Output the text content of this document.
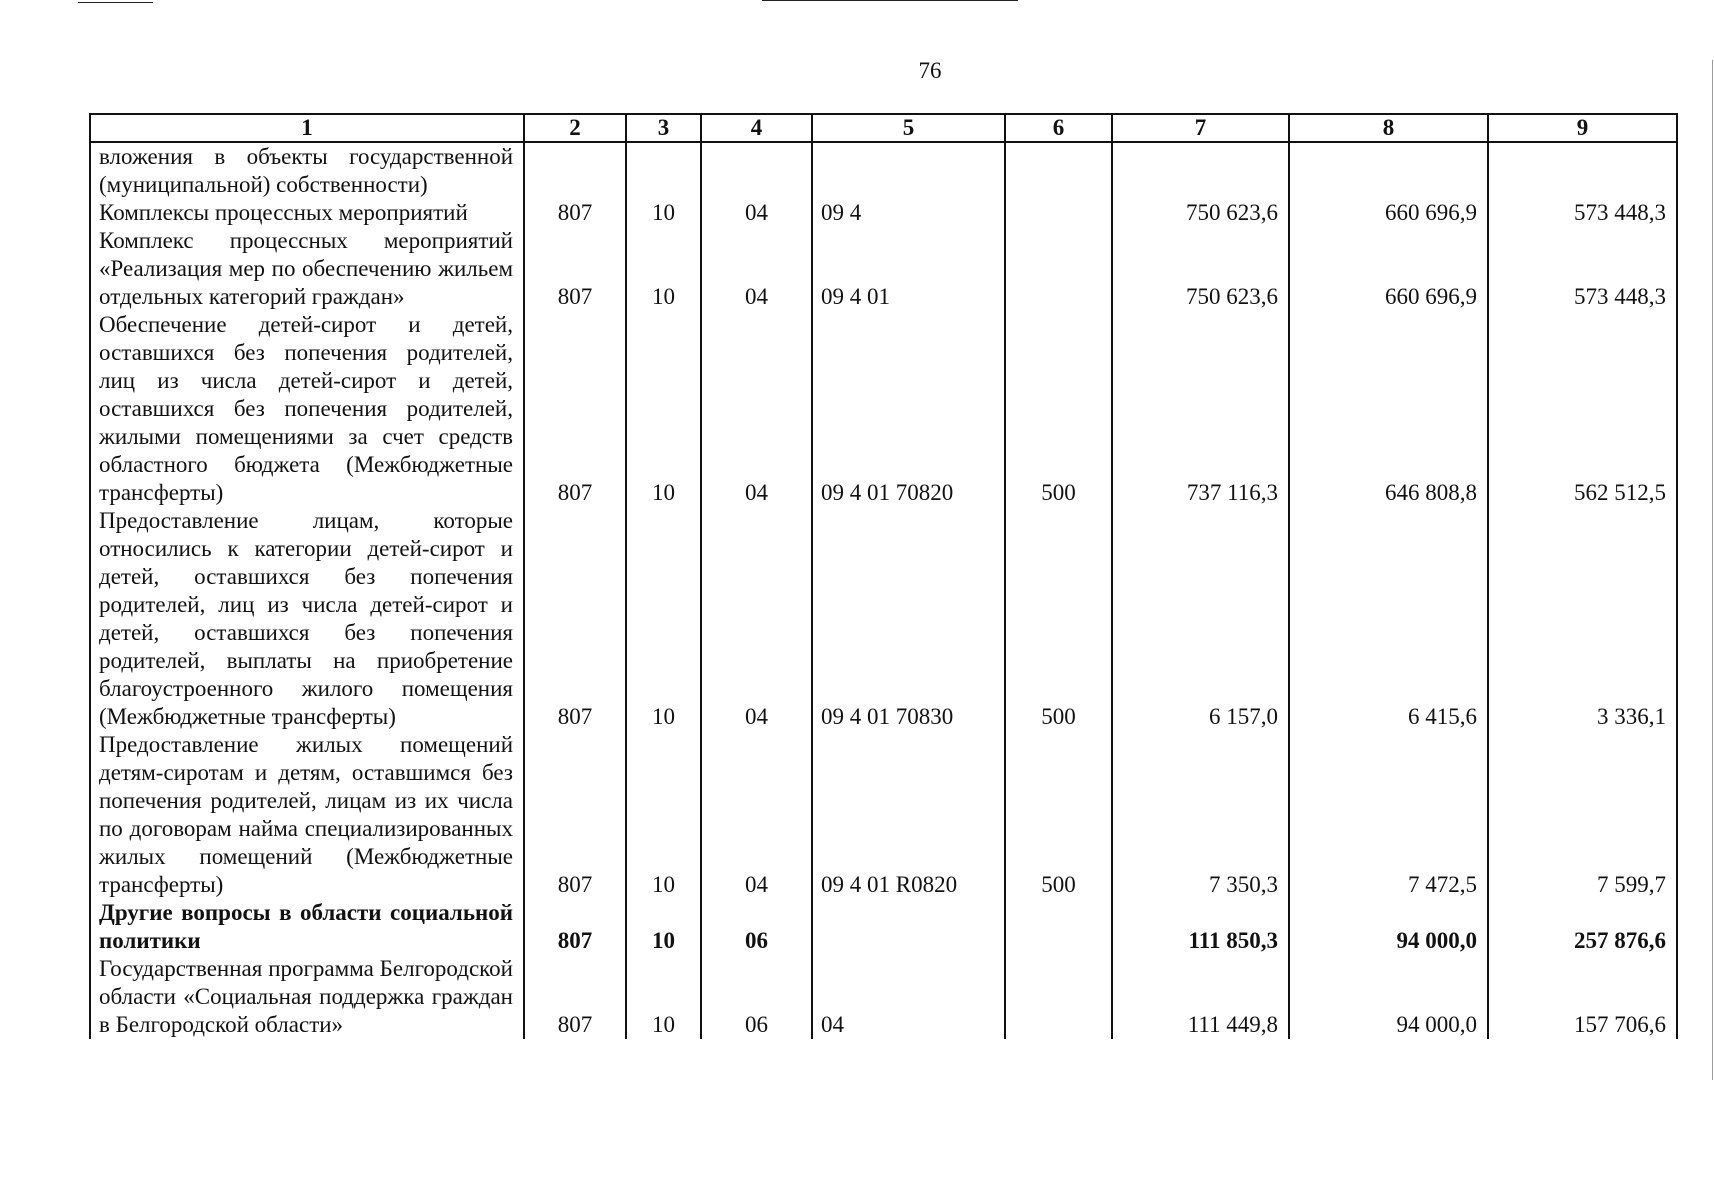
76
1	2	3	4	5	6	7	8	9
вложения в объекты государственной (муниципальной) собственности)								
Комплексы процессных мероприятий	807	10	04	09 4		750 623,6	660 696,9	573 448,3
Комплекс процессных мероприятий «Реализация мер по обеспечению жильем отдельных категорий граждан»	807	10	04	09 4 01		750 623,6	660 696,9	573 448,3
Обеспечение детей-сирот и детей, оставшихся без попечения родителей, лиц из числа детей-сирот и детей, оставшихся без попечения родителей, жилыми помещениями за счет средств областного бюджета (Межбюджетные трансферты)	807	10	04	09 4 01 70820	500	737 116,3	646 808,8	562 512,5
Предоставление лицам, которые относились к категории детей-сирот и детей, оставшихся без попечения родителей, лиц из числа детей-сирот и детей, оставшихся без попечения родителей, выплаты на приобретение благоустроенного жилого помещения (Межбюджетные трансферты)	807	10	04	09 4 01 70830	500	6 157,0	6 415,6	3 336,1
Предоставление жилых помещений детям-сиротам и детям, оставшимся без попечения родителей, лицам из их числа по договорам найма специализированных жилых помещений (Межбюджетные трансферты)	807	10	04	09 4 01 R0820	500	7 350,3	7 472,5	7 599,7
Другие вопросы в области социальной политики	807	10	06			111 850,3	94 000,0	257 876,6
Государственная программа Белгородской области «Социальная поддержка граждан в Белгородской области»	807	10	06	04		111 449,8	94 000,0	157 706,6
